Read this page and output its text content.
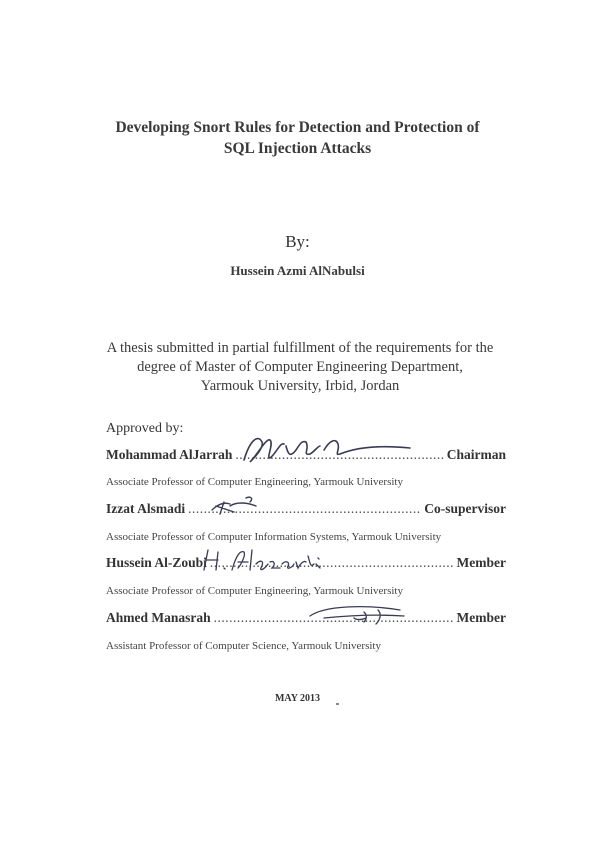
Developing Snort Rules for Detection and Protection of
SQL Injection Attacks
By:
Hussein Azmi AlNabulsi
A thesis submitted in partial fulfillment of the requirements for the
degree of Master of Computer Engineering Department,
Yarmouk University, Irbid, Jordan
Approved by:
Mohammad AlJarrah .....	Chairman
Associate Professor of Computer Engineering, Yarmouk University
Izzat Alsmadi .....	Co-supervisor
Associate Professor of Computer Information Systems, Yarmouk University
Hussein Al-Zoubi .....	Member
Associate Professor of Computer Engineering, Yarmouk University
Ahmed Manasrah .....	Member
Assistant Professor of Computer Science, Yarmouk University
MAY 2013
